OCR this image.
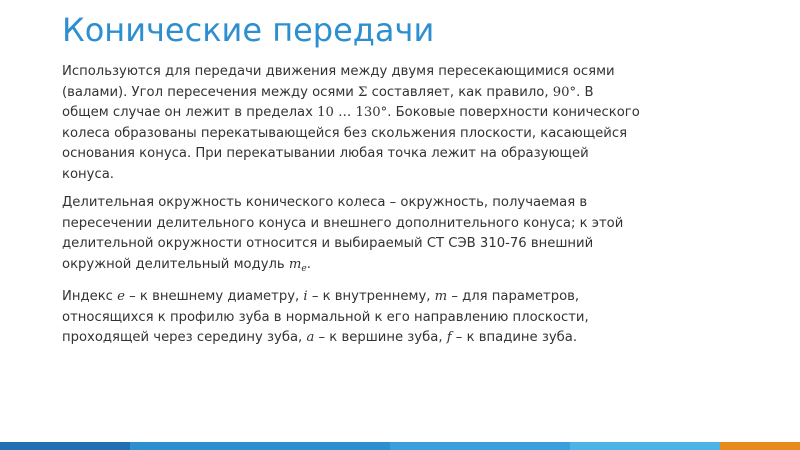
Конические передачи

Используются для передачи движения между двумя пересекающимися осями
(валами). Угол пересечения между осями Σ составляет, как правило, 90°. В
общем случае он лежит в пределах 10 … 130°. Боковые поверхности конического
колеса образованы перекатывающейся без скольжения плоскости, касающейся
основания конуса. При перекатывании любая точка лежит на образующей
конуса.

Делительная окружность конического колеса – окружность, получаемая в
пересечении делительного конуса и внешнего дополнительного конуса; к этой
делительной окружности относится и выбираемый СТ СЭВ 310-76 внешний
окружной делительный модуль $m_e$.

Индекс e – к внешнему диаметру, i – к внутреннему, m – для параметров,
относящихся к профилю зуба в нормальной к его направлению плоскости,
проходящей через середину зуба, a – к вершине зуба, f – к впадине зуба.
